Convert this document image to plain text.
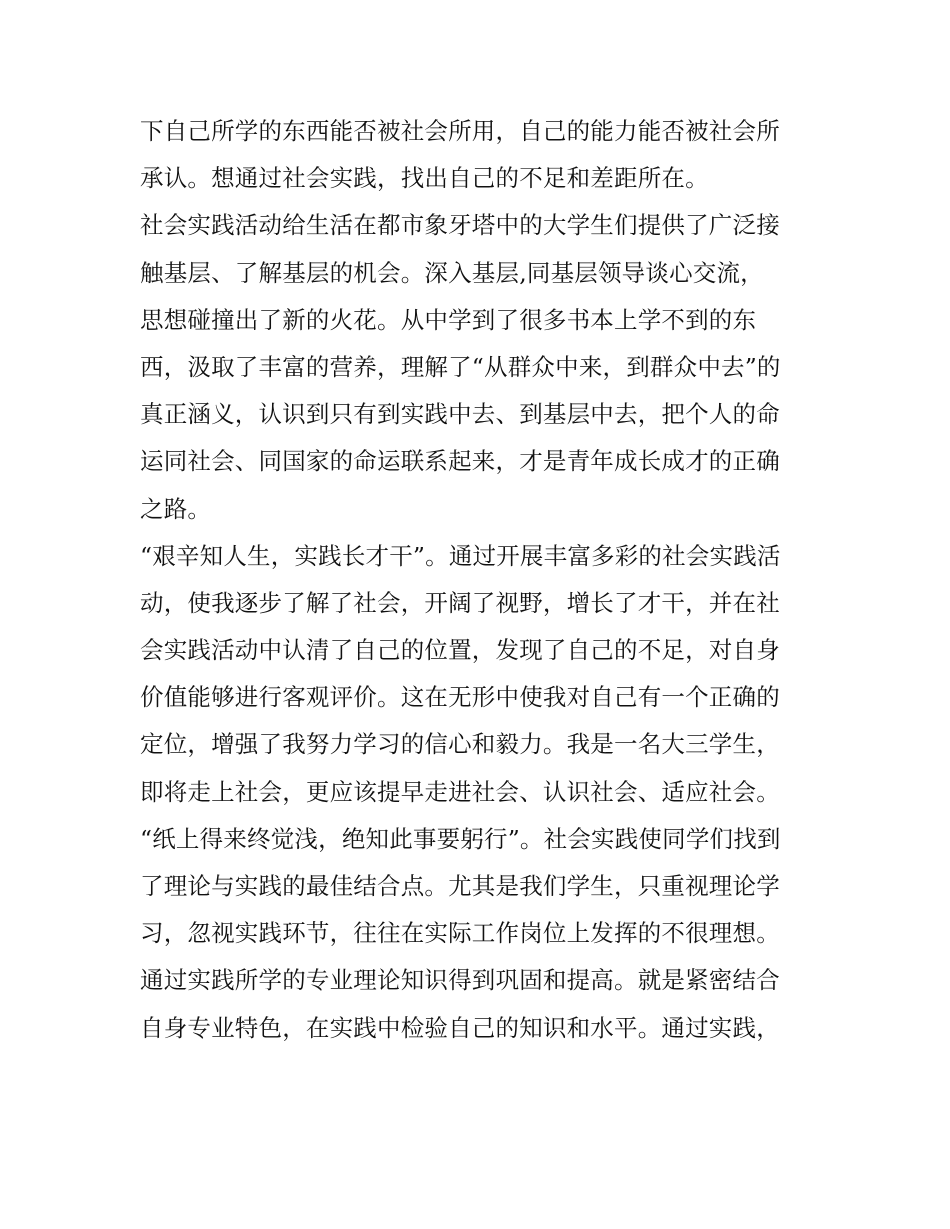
下自己所学的东西能否被社会所用，自己的能力能否被社会所
承认。想通过社会实践，找出自己的不足和差距所在。
社会实践活动给生活在都市象牙塔中的大学生们提供了广泛接
触基层、了解基层的机会。深入基层,同基层领导谈心交流，
思想碰撞出了新的火花。从中学到了很多书本上学不到的东
西，汲取了丰富的营养，理解了“从群众中来，到群众中去”的
真正涵义，认识到只有到实践中去、到基层中去，把个人的命
运同社会、同国家的命运联系起来，才是青年成长成才的正确
之路。
“艰辛知人生，实践长才干”。通过开展丰富多彩的社会实践活
动，使我逐步了解了社会，开阔了视野，增长了才干，并在社
会实践活动中认清了自己的位置，发现了自己的不足，对自身
价值能够进行客观评价。这在无形中使我对自己有一个正确的
定位，增强了我努力学习的信心和毅力。我是一名大三学生，
即将走上社会，更应该提早走进社会、认识社会、适应社会。
“纸上得来终觉浅，绝知此事要躬行”。社会实践使同学们找到
了理论与实践的最佳结合点。尤其是我们学生，只重视理论学
习，忽视实践环节，往往在实际工作岗位上发挥的不很理想。
通过实践所学的专业理论知识得到巩固和提高。就是紧密结合
自身专业特色，在实践中检验自己的知识和水平。通过实践，
